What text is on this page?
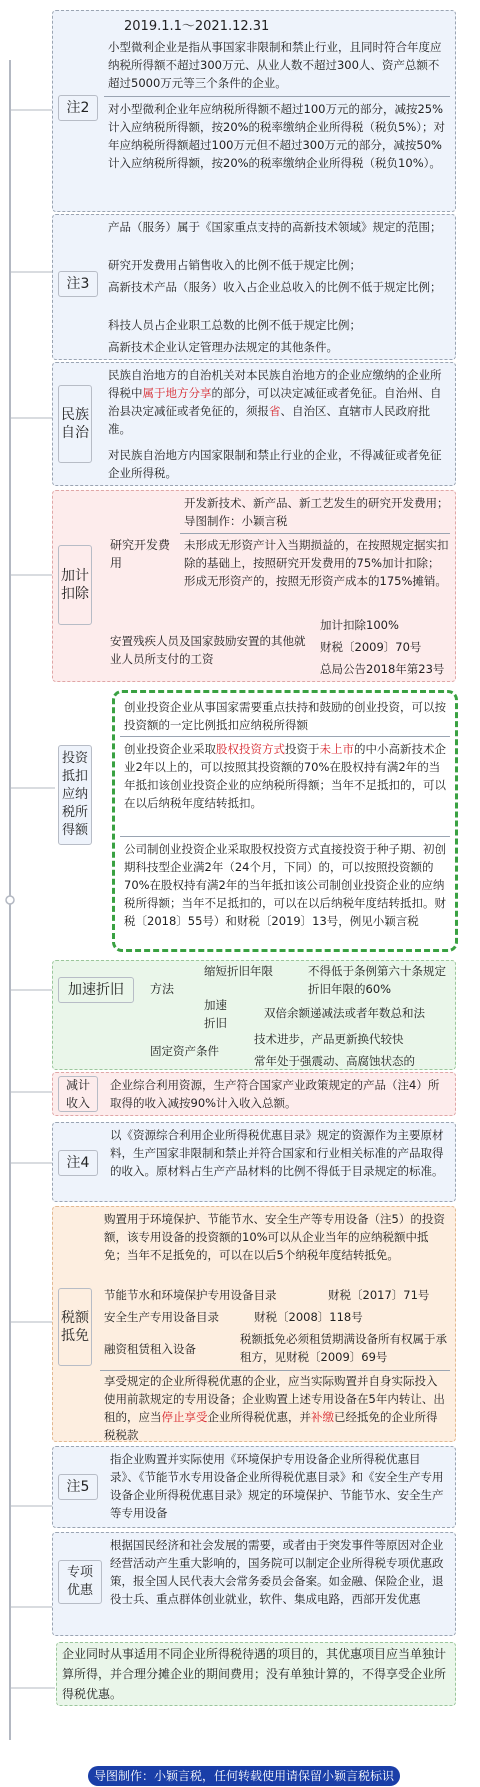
注2
2019.1.1～2021.12.31
小型微利企业是指从事国家非限制和禁止行业，且同时符合年度应纳税所得额不超过300万元、从业人数不超过300人、资产总额不超过5000万元等三个条件的企业。
对小型微利企业年应纳税所得额不超过100万元的部分，减按25%计入应纳税所得额，按20%的税率缴纳企业所得税（税负5%）；对年应纳税所得额超过100万元但不超过300万元的部分，减按50%计入应纳税所得额，按20%的税率缴纳企业所得税（税负10%）。
注3
产品（服务）属于《国家重点支持的高新技术领域》规定的范围；
研究开发费用占销售收入的比例不低于规定比例；
高新技术产品（服务）收入占企业总收入的比例不低于规定比例；
科技人员占企业职工总数的比例不低于规定比例；
高新技术企业认定管理办法规定的其他条件。
民族自治
民族自治地方的自治机关对本民族自治地方的企业应缴纳的企业所得税中属于地方分享的部分，可以决定减征或者免征。自治州、自治县决定减征或者免征的，须报省、自治区、直辖市人民政府批准。
对民族自治地方内国家限制和禁止行业的企业，不得减征或者免征企业所得税。
加计扣除
研究开发费用
开发新技术、新产品、新工艺发生的研究开发费用； 导图制作：小颖言税
未形成无形资产计入当期损益的，在按照规定据实扣除的基础上，按照研究开发费用的75%加计扣除；形成无形资产的，按照无形资产成本的175%摊销。
安置残疾人员及国家鼓励安置的其他就业人员所支付的工资
加计扣除100%
财税〔2009〕70号
总局公告2018年第23号
投资抵扣应纳税所得额
创业投资企业从事国家需要重点扶持和鼓励的创业投资，可以按投资额的一定比例抵扣应纳税所得额
创业投资企业采取股权投资方式投资于未上市的中小高新技术企业2年以上的，可以按照其投资额的70%在股权持有满2年的当年抵扣该创业投资企业的应纳税所得额；当年不足抵扣的，可以在以后纳税年度结转抵扣。
公司制创业投资企业采取股权投资方式直接投资于种子期、初创期科技型企业满2年（24个月，下同）的，可以按照投资额的70%在股权持有满2年的当年抵扣该公司制创业投资企业的应纳税所得额；当年不足抵扣的，可以在以后纳税年度结转抵扣。财税〔2018〕55号）和财税〔2019〕13号，例见小颖言税
加速折旧	方法
缩短折旧年限	不得低于条例第六十条规定折旧年限的60%
加速折旧
双倍余额递减法或者年数总和法
固定资产条件
技术进步，产品更新换代较快
常年处于强震动、高腐蚀状态的
减计收入
企业综合利用资源，生产符合国家产业政策规定的产品（注4）所取得的收入减按90%计入收入总额。
注4
以《资源综合利用企业所得税优惠目录》规定的资源作为主要原材料，生产国家非限制和禁止并符合国家和行业相关标准的产品取得的收入。原材料占生产产品材料的比例不得低于目录规定的标准。
税额抵免
购置用于环境保护、节能节水、安全生产等专用设备（注5）的投资额，该专用设备的投资额的10%可以从企业当年的应纳税额中抵免；当年不足抵免的，可以在以后5个纳税年度结转抵免。
节能节水和环境保护专用设备目录	财税〔2017〕71号
安全生产专用设备目录	财税〔2008〕118号
融资租赁租入设备
税额抵免必须租赁期满设备所有权属于承租方，见财税〔2009〕69号
享受规定的企业所得税优惠的企业，应当实际购置并自身实际投入使用前款规定的专用设备；企业购置上述专用设备在5年内转让、出租的，应当停止享受企业所得税优惠，并补缴已经抵免的企业所得税税款
注5
指企业购置并实际使用《环境保护专用设备企业所得税优惠目录》、《节能节水专用设备企业所得税优惠目录》和《安全生产专用设备企业所得税优惠目录》规定的环境保护、节能节水、安全生产等专用设备
专项优惠
根据国民经济和社会发展的需要，或者由于突发事件等原因对企业经营活动产生重大影响的，国务院可以制定企业所得税专项优惠政策，报全国人民代表大会常务委员会备案。如金融、保险企业，退役士兵、重点群体创业就业，软件、集成电路，西部开发优惠
企业同时从事适用不同企业所得税待遇的项目的，其优惠项目应当单独计算所得，并合理分摊企业的期间费用；没有单独计算的，不得享受企业所得税优惠。
导图制作：小颖言税，任何转载使用请保留小颖言税标识
